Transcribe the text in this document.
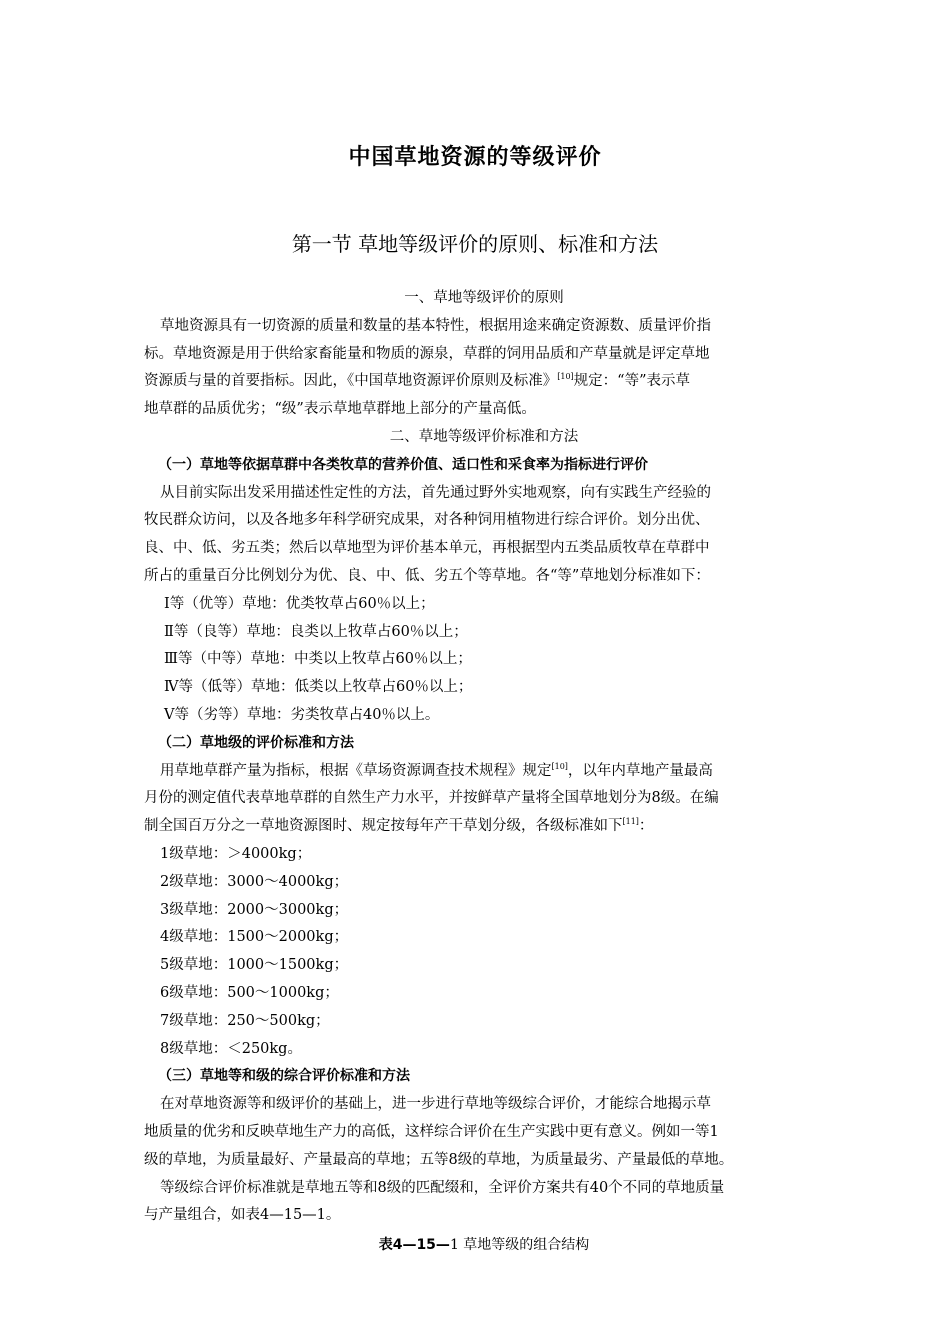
中国草地资源的等级评价
第一节 草地等级评价的原则、标准和方法
一、草地等级评价的原则
草地资源具有一切资源的质量和数量的基本特性，根据用途来确定资源数、质量评价指
标。草地资源是用于供给家畜能量和物质的源泉，草群的饲用品质和产草量就是评定草地
资源质与量的首要指标。因此，《中国草地资源评价原则及标准》[10]规定：“等”表示草
地草群的品质优劣；“级”表示草地草群地上部分的产量高低。
二、草地等级评价标准和方法
（一）草地等依据草群中各类牧草的营养价值、适口性和采食率为指标进行评价
从目前实际出发采用描述性定性的方法，首先通过野外实地观察，向有实践生产经验的
牧民群众访问，以及各地多年科学研究成果，对各种饲用植物进行综合评价。划分出优、
良、中、低、劣五类；然后以草地型为评价基本单元，再根据型内五类品质牧草在草群中
所占的重量百分比例划分为优、良、中、低、劣五个等草地。各“等”草地划分标准如下：
Ⅰ等（优等）草地：优类牧草占60％以上；
Ⅱ等（良等）草地：良类以上牧草占60％以上；
Ⅲ等（中等）草地：中类以上牧草占60％以上；
Ⅳ等（低等）草地：低类以上牧草占60％以上；
Ⅴ等（劣等）草地：劣类牧草占40％以上。
（二）草地级的评价标准和方法
用草地草群产量为指标，根据《草场资源调查技术规程》规定[10]，以年内草地产量最高
月份的测定值代表草地草群的自然生产力水平，并按鲜草产量将全国草地划分为8级。在编
制全国百万分之一草地资源图时、规定按每年产干草划分级，各级标准如下[11]：
1级草地：＞4000kg；
2级草地：3000～4000kg；
3级草地：2000～3000kg；
4级草地：1500～2000kg；
5级草地：1000～1500kg；
6级草地：500～1000kg；
7级草地：250～500kg；
8级草地：＜250kg。
（三）草地等和级的综合评价标准和方法
在对草地资源等和级评价的基础上，进一步进行草地等级综合评价，才能综合地揭示草
地质量的优劣和反映草地生产力的高低，这样综合评价在生产实践中更有意义。例如一等1
级的草地，为质量最好、产量最高的草地；五等8级的草地，为质量最劣、产量最低的草地。
等级综合评价标准就是草地五等和8级的匹配缀和，全评价方案共有40个不同的草地质量
与产量组合，如表4—15—1。
表4—15—1 草地等级的组合结构
